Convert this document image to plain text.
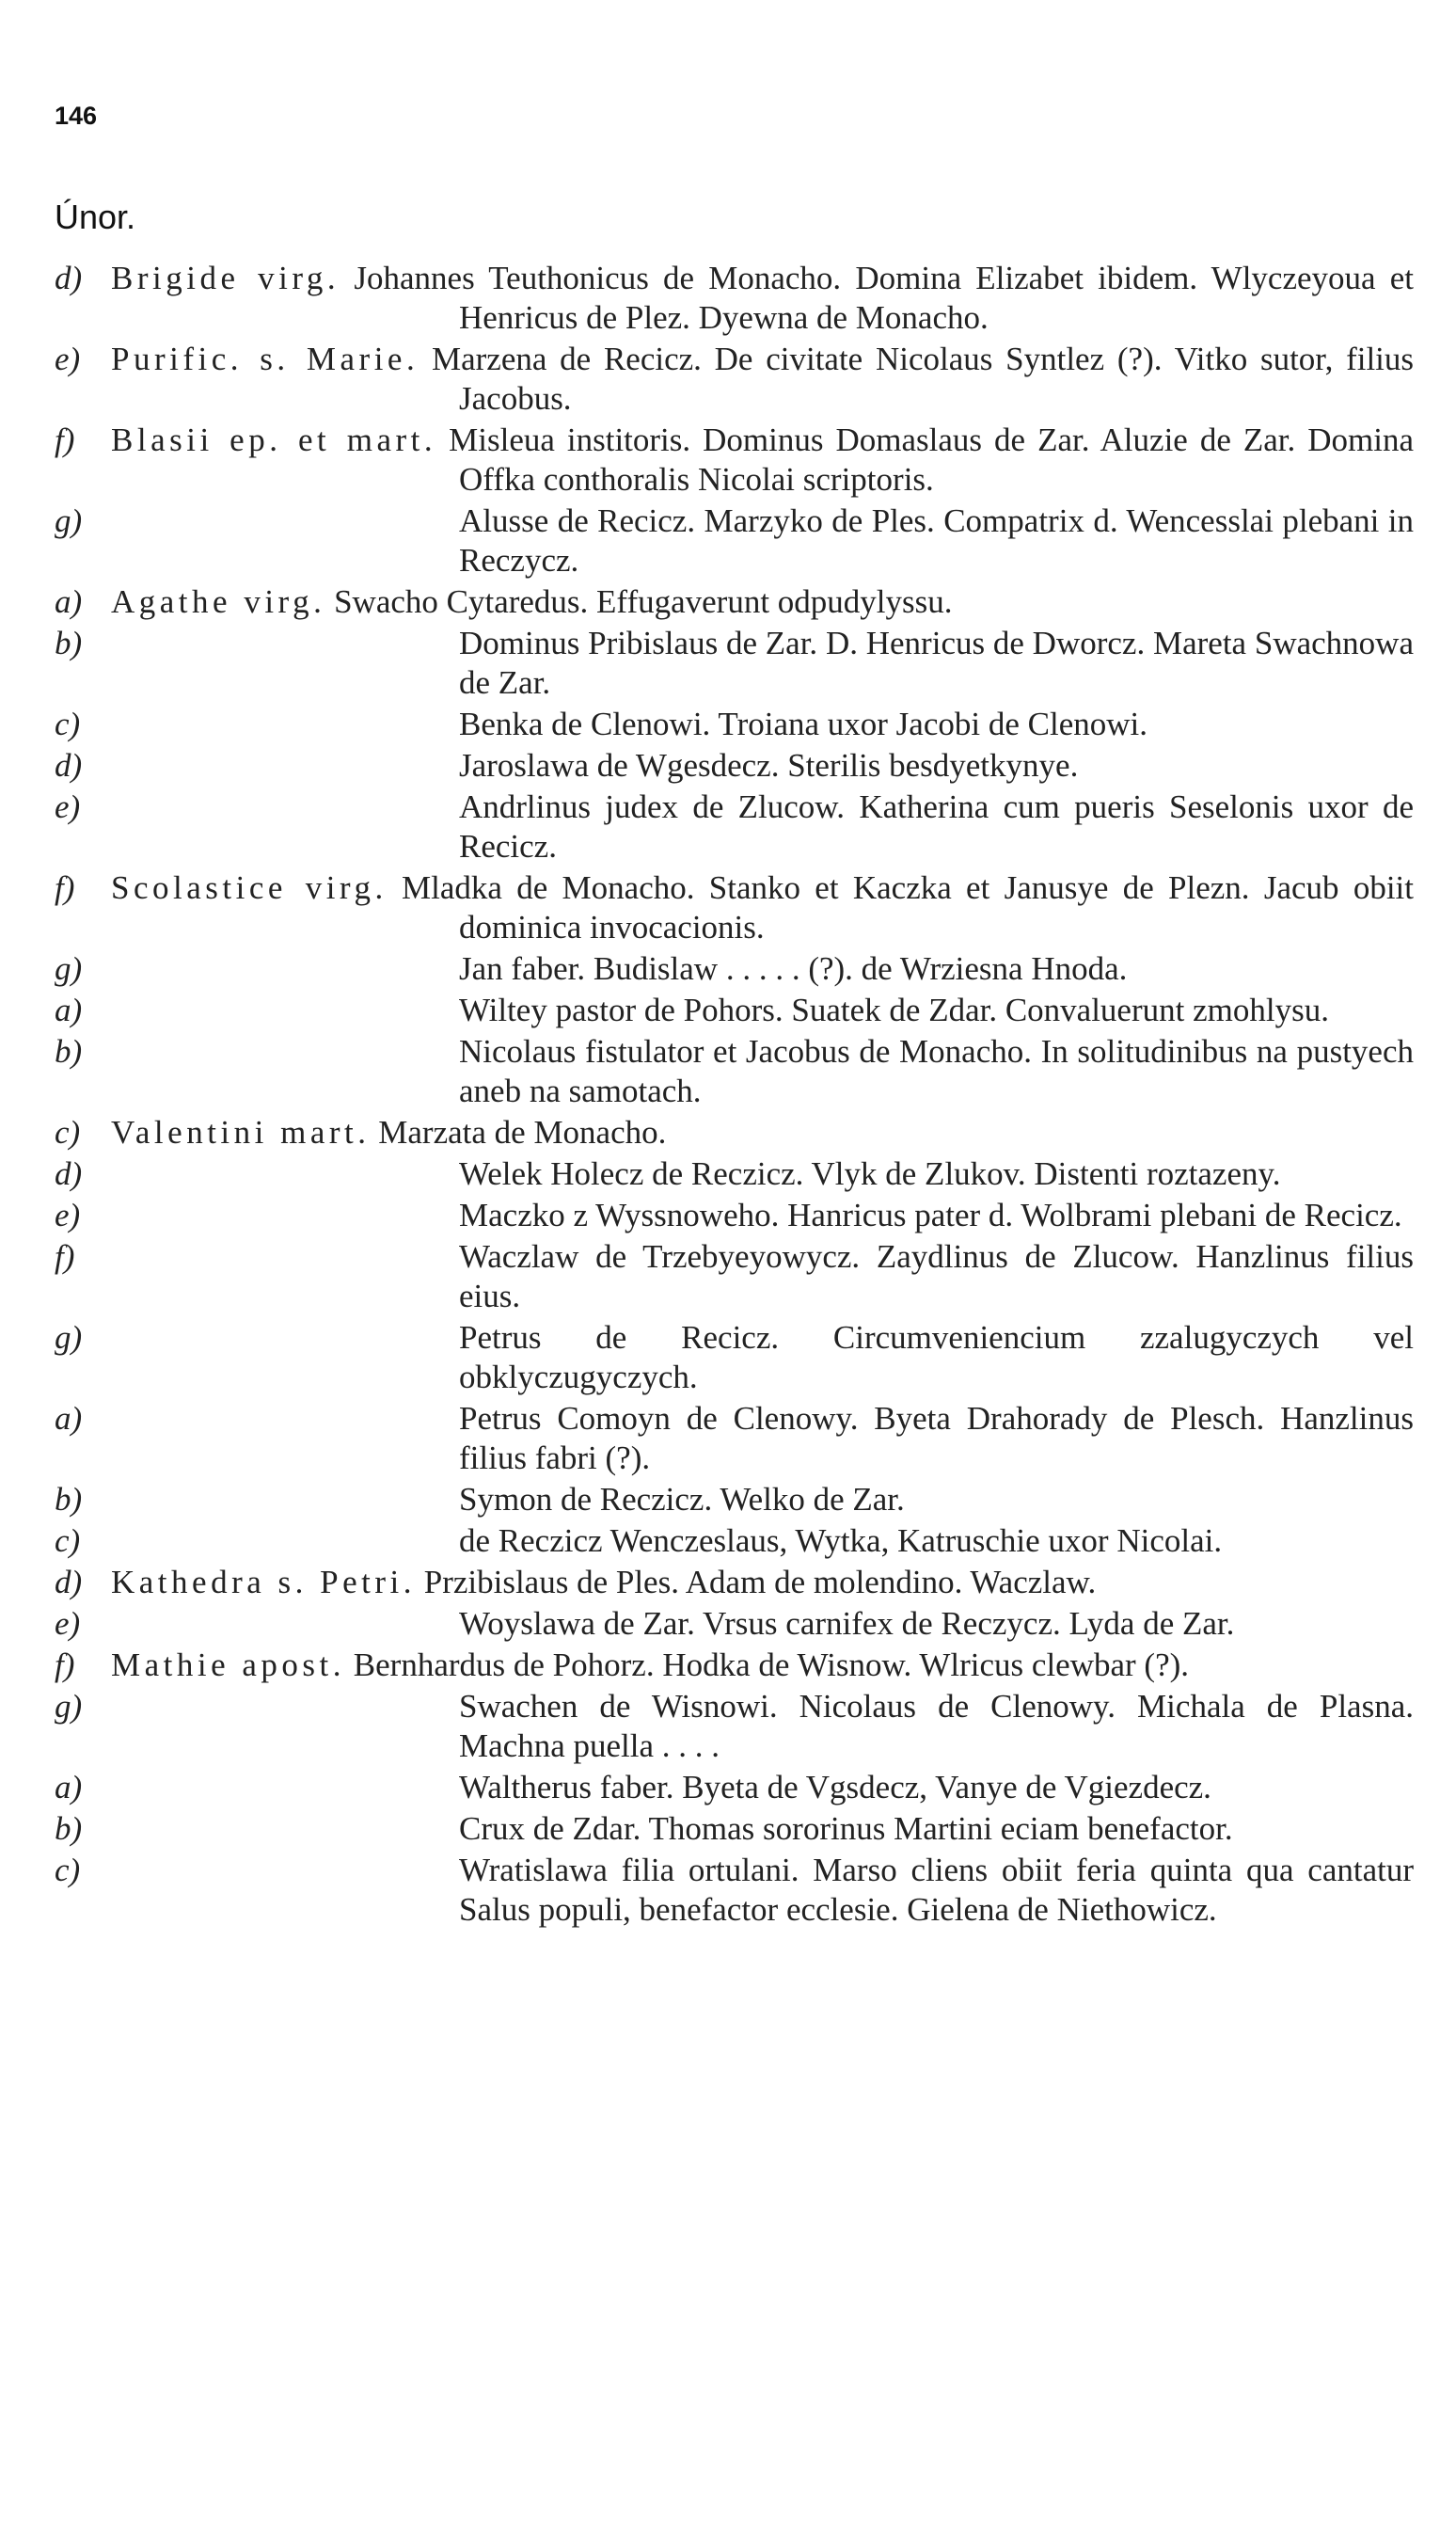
146
Únor.
d) Brigide virg. Johannes Teuthonicus de Monacho. Domina Elizabet ibidem. Wlyczeyoua et Henricus de Plez. Dyewna de Monacho.
e) Purific. s. Marie. Marzena de Recicz. De civitate Nicolaus Syntlez (?). Vitko sutor, filius Jacobus.
f)	Blasii ep. et mart. Misleua institoris. Dominus Domaslaus de Zar. Aluzie de Zar. Domina Offka conthoralis Nicolai scriptoris.
g)	Alusse de Recicz. Marzyko de Ples. Compatrix d. Wencesslai plebani in Reczycz.
a) Agathe virg. Swacho Cytaredus. Effugaverunt odpudylyssu.
b)	Dominus Pribislaus de Zar. D. Henricus de Dworcz. Mareta Swachnowa de Zar.
c)	Benka de Clenowi. Troiana uxor Jacobi de Clenowi.
d)	Jaroslawa de Wgesdecz. Sterilis besdyetkynye.
e)	Andrlinus judex de Zlucow. Katherina cum pueris Seselonis uxor de Recicz.
f)	Scolastice virg. Mladka de Monacho. Stanko et Kaczka et Janusye de Plezn. Jacub obiit dominica invocacionis.
g)	Jan faber. Budislaw . . . . . (?). de Wrziesna Hnoda.
a)	Wiltey pastor de Pohors. Suatek de Zdar. Convaluerunt zmohlysu.
b)	Nicolaus fistulator et Jacobus de Monacho. In solitudinibus na pustyech aneb na samotach.
c) Valentini mart. Marzata de Monacho.
d)	Welek Holecz de Reczicz. Vlyk de Zlukov. Distenti roztazeny.
e)	Maczko z Wyssnoweho. Hanricus pater d. Wolbrami plebani de Recicz.
f)	Waczlaw de Trzebyeyowycz. Zaydlinus de Zlucow. Hanzlinus filius eius.
g)	Petrus de Recicz. Circumveniencium zzalugyczych vel obklyczugyczych.
a)	Petrus Comoyn de Clenowy. Byeta Drahorady de Plesch. Hanzlinus filius fabri (?).
b)	Symon de Reczicz. Welko de Zar.
c)	de Reczicz Wenczeslaus, Wytka, Katruschie uxor Nicolai.
d) Kathedra s. Petri. Przibislaus de Ples. Adam de molendino. Waczlaw.
e)	Woyslawa de Zar. Vrsus carnifex de Reczycz. Lyda de Zar.
f)	Mathie apost. Bernhardus de Pohorz. Hodka de Wisnow. Wlricus clewbar (?).
g)	Swachen de Wisnowi. Nicolaus de Clenowy. Michala de Plasna. Machna puella . . . .
a)	Waltherus faber. Byeta de Vgsdecz, Vanye de Vgiezdecz.
b)	Crux de Zdar. Thomas sororinus Martini eciam benefactor.
c)	Wratislawa filia ortulani. Marso cliens obiit feria quinta qua cantatur Salus populi, benefactor ecclesie. Gielena de Niethowicz.
